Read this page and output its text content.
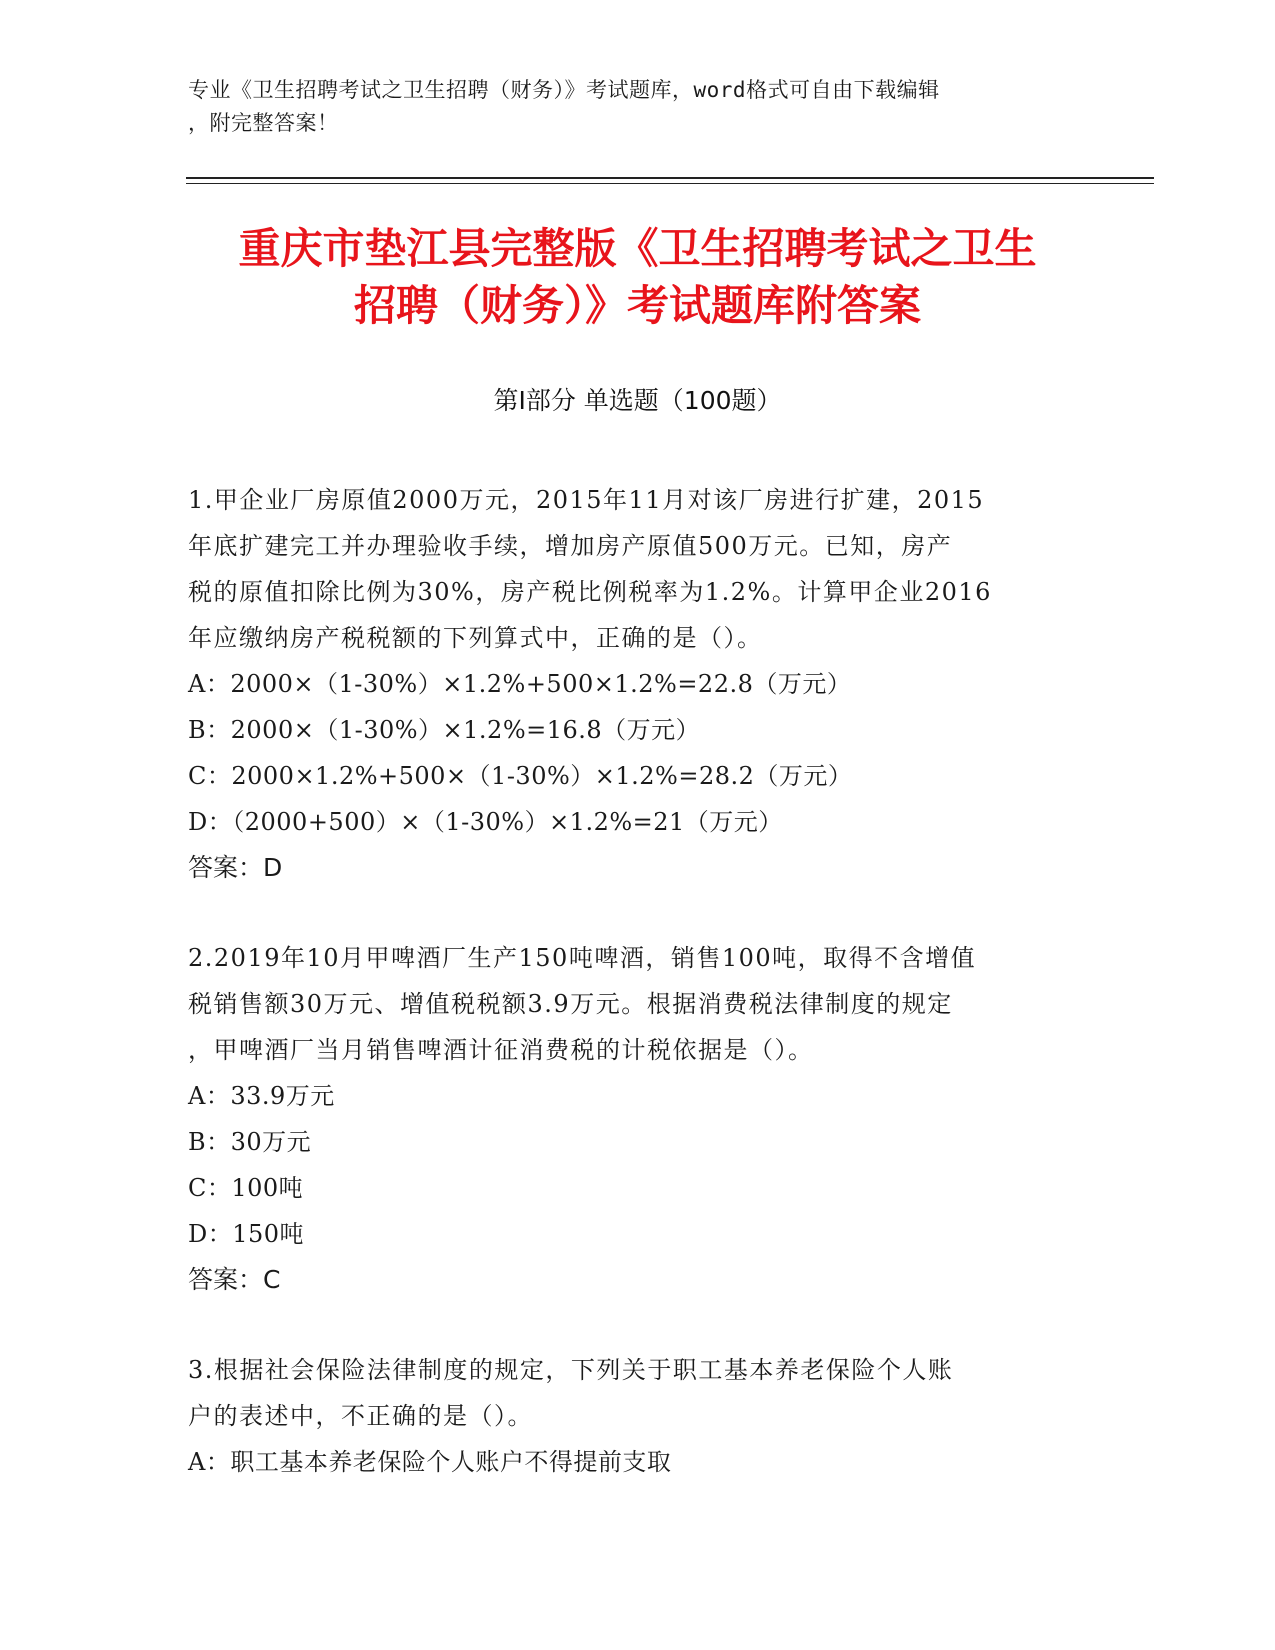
专业《卫生招聘考试之卫生招聘（财务）》考试题库，word格式可自由下载编辑
，附完整答案！
重庆市垫江县完整版《卫生招聘考试之卫生
招聘（财务）》考试题库附答案
第Ⅰ部分 单选题（100题）
1.甲企业厂房原值2000万元，2015年11月对该厂房进行扩建，2015
年底扩建完工并办理验收手续，增加房产原值500万元。已知，房产
税的原值扣除比例为30%，房产税比例税率为1.2%。计算甲企业2016
年应缴纳房产税税额的下列算式中，正确的是（）。
A：2000×（1-30%）×1.2%+500×1.2%=22.8（万元）
B：2000×（1-30%）×1.2%=16.8（万元）
C：2000×1.2%+500×（1-30%）×1.2%=28.2（万元）
D：（2000+500）×（1-30%）×1.2%=21（万元）
答案：D
2.2019年10月甲啤酒厂生产150吨啤酒，销售100吨，取得不含增值
税销售额30万元、增值税税额3.9万元。根据消费税法律制度的规定
，甲啤酒厂当月销售啤酒计征消费税的计税依据是（）。
A：33.9万元
B：30万元
C：100吨
D：150吨
答案：C
3.根据社会保险法律制度的规定，下列关于职工基本养老保险个人账
户的表述中，不正确的是（）。
A：职工基本养老保险个人账户不得提前支取
